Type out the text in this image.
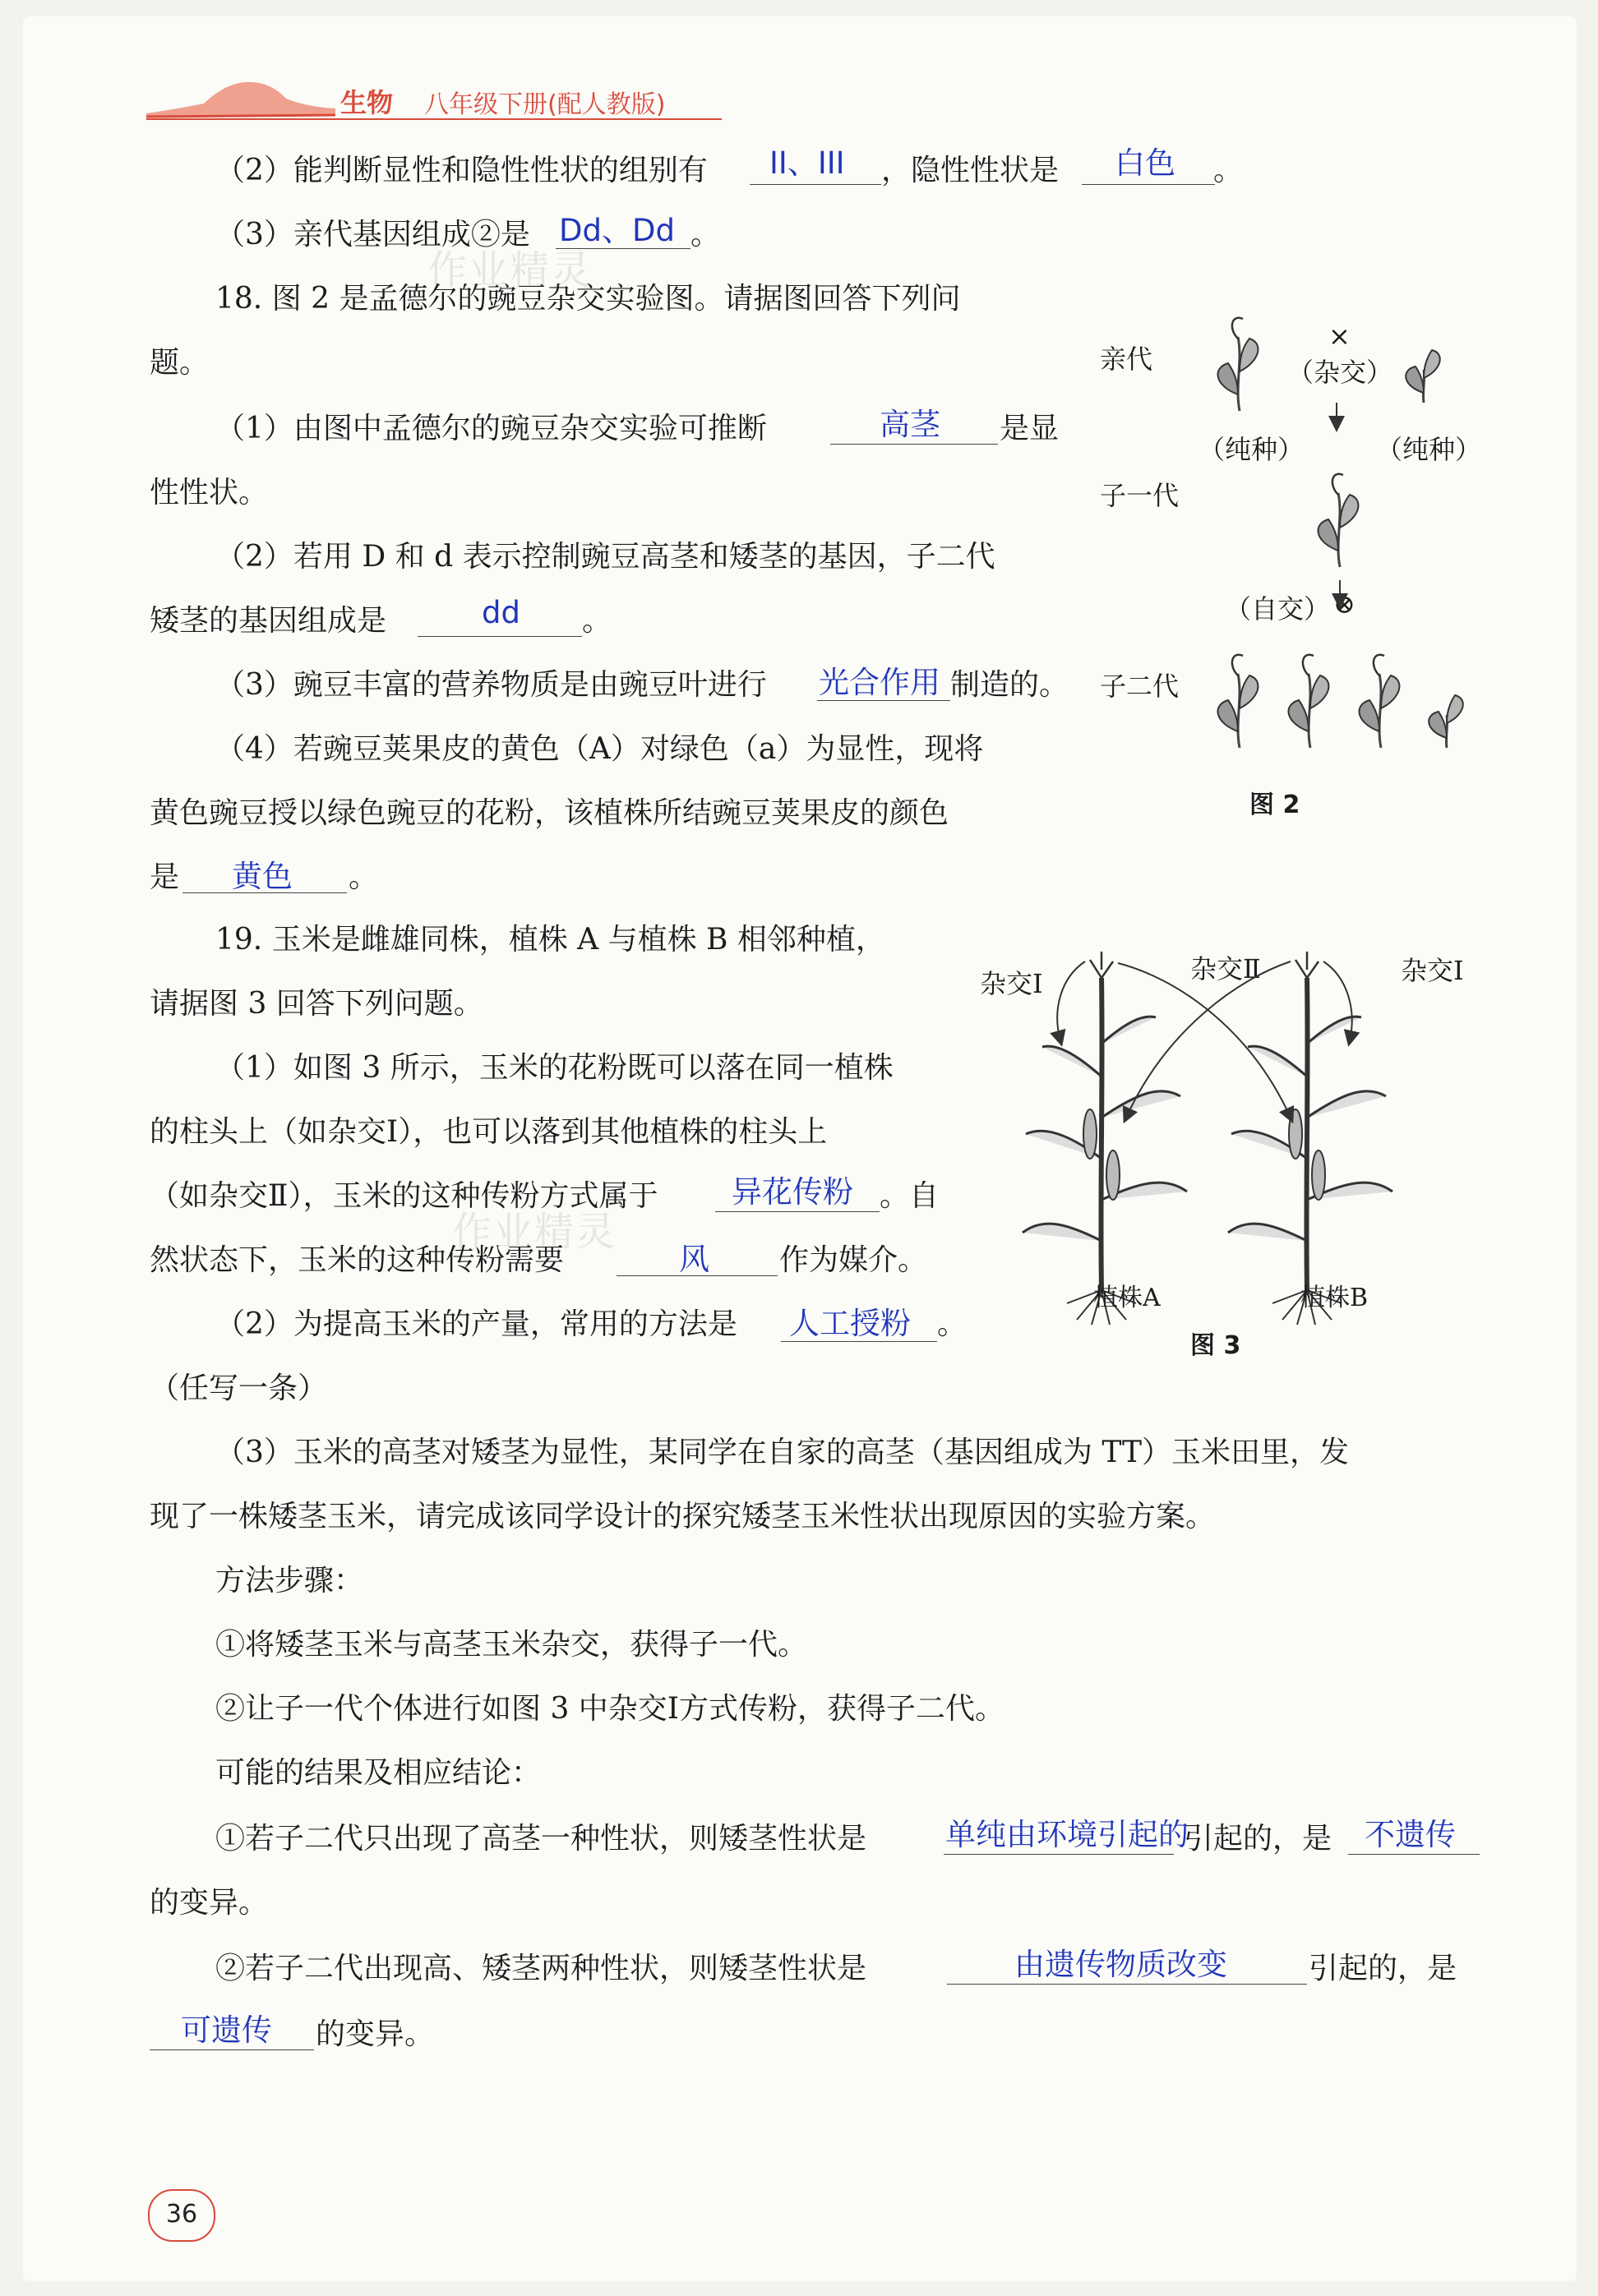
生物 八年级下册(配人教版)
（2）能判断显性和隐性性状的组别有 II、III ，隐性性状是 白色 。
（3）亲代基因组成②是 Dd、Dd 。
18. 图 2 是孟德尔的豌豆杂交实验图。请据图回答下列问
题。
（1）由图中孟德尔的豌豆杂交实验可推断	高茎 是显
性性状。
（2）若用 D 和 d 表示控制豌豆高茎和矮茎的基因，子二代
矮茎的基因组成是	dd 。
（3）豌豆丰富的营养物质是由豌豆叶进行 光合作用 制造的。
（4）若豌豆荚果皮的黄色（A）对绿色（a）为显性，现将
黄色豌豆授以绿色豌豆的花粉，该植株所结豌豆荚果皮的颜色
是 黄色 。
亲代
子一代
子二代
×
（杂交）
（纯种）	（纯种）
（自交） ⊗
图 2
19. 玉米是雌雄同株，植株 A 与植株 B 相邻种植，
请据图 3 回答下列问题。
（1）如图 3 所示，玉米的花粉既可以落在同一植株
的柱头上（如杂交Ⅰ），也可以落到其他植株的柱头上
（如杂交Ⅱ），玉米的这种传粉方式属于 异花传粉 。自
然状态下，玉米的这种传粉需要	风 作为媒介。
（2）为提高玉米的产量，常用的方法是 人工授粉 。
（任写一条）
杂交Ⅰ	杂交Ⅱ	杂交Ⅰ
植株A	植株B
图 3
（3）玉米的高茎对矮茎为显性，某同学在自家的高茎（基因组成为 TT）玉米田里，发
现了一株矮茎玉米，请完成该同学设计的探究矮茎玉米性状出现原因的实验方案。
方法步骤：
①将矮茎玉米与高茎玉米杂交，获得子一代。
②让子一代个体进行如图 3 中杂交Ⅰ方式传粉，获得子二代。
可能的结果及相应结论：
①若子二代只出现了高茎一种性状，则矮茎性状是	单纯由环境引起的
引起的，是 不遗传
的变异。
②若子二代出现高、矮茎两种性状，则矮茎性状是	由遗传物质改变	引起的，是
可遗传 的变异。
作业精灵
作业精灵
36
